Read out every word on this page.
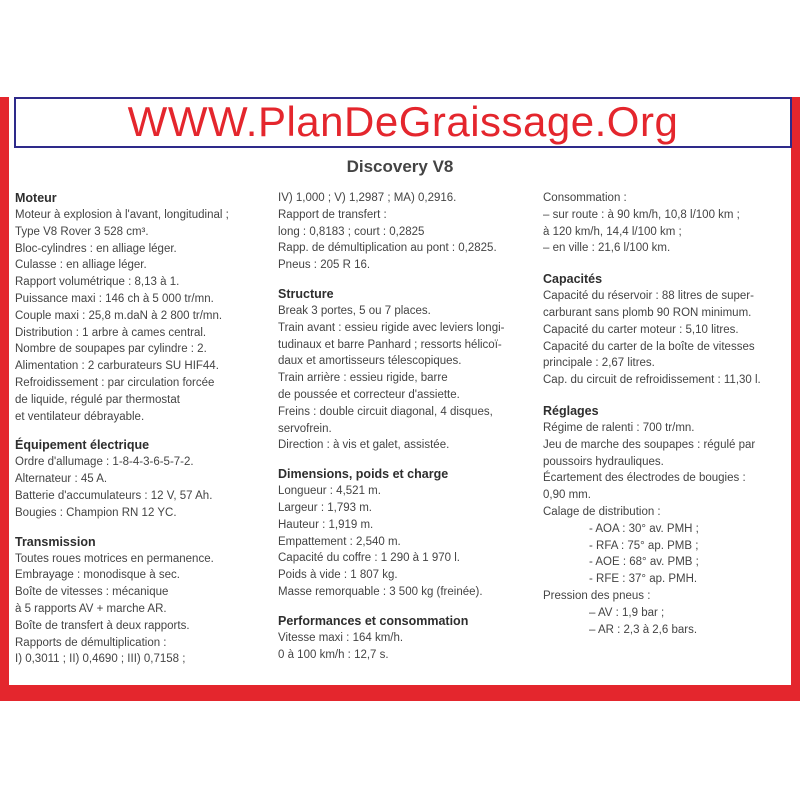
WWW.PlanDeGraissage.Org
Discovery V8
Moteur
Moteur à explosion à l'avant, longitudinal ;
Type V8 Rover 3 528 cm³.
Bloc-cylindres : en alliage léger.
Culasse : en alliage léger.
Rapport volumétrique : 8,13 à 1.
Puissance maxi : 146 ch à 5 000 tr/mn.
Couple maxi : 25,8 m.daN à 2 800 tr/mn.
Distribution : 1 arbre à cames central.
Nombre de soupapes par cylindre : 2.
Alimentation : 2 carburateurs SU HIF44.
Refroidissement : par circulation forcée
de liquide, régulé par thermostat
et ventilateur débrayable.
Équipement électrique
Ordre d'allumage : 1-8-4-3-6-5-7-2.
Alternateur : 45 A.
Batterie d'accumulateurs : 12 V, 57 Ah.
Bougies : Champion RN 12 YC.
Transmission
Toutes roues motrices en permanence.
Embrayage : monodisque à sec.
Boîte de vitesses : mécanique
à 5 rapports AV + marche AR.
Boîte de transfert à deux rapports.
Rapports de démultiplication :
I) 0,3011 ; II) 0,4690 ; III) 0,7158 ;
IV) 1,000 ; V) 1,2987 ; MA) 0,2916.
Rapport de transfert :
long : 0,8183 ; court : 0,2825
Rapp. de démultiplication au pont : 0,2825.
Pneus : 205 R 16.
Structure
Break 3 portes, 5 ou 7 places.
Train avant : essieu rigide avec leviers longi-
tudinaux et barre Panhard ; ressorts hélicoï-
daux et amortisseurs télescopiques.
Train arrière : essieu rigide, barre
de poussée et correcteur d'assiette.
Freins : double circuit diagonal, 4 disques,
servofrein.
Direction : à vis et galet, assistée.
Dimensions, poids et charge
Longueur : 4,521 m.
Largeur : 1,793 m.
Hauteur : 1,919 m.
Empattement : 2,540 m.
Capacité du coffre : 1 290 à 1 970 l.
Poids à vide : 1 807 kg.
Masse remorquable : 3 500 kg (freinée).
Performances et consommation
Vitesse maxi : 164 km/h.
0 à 100 km/h : 12,7 s.
Consommation :
– sur route : à 90 km/h, 10,8 l/100 km ;
à 120 km/h, 14,4 l/100 km ;
– en ville : 21,6 l/100 km.
Capacités
Capacité du réservoir : 88 litres de super-
carburant sans plomb 90 RON minimum.
Capacité du carter moteur : 5,10 litres.
Capacité du carter de la boîte de vitesses
principale : 2,67 litres.
Cap. du circuit de refroidissement : 11,30 l.
Réglages
Régime de ralenti : 700 tr/mn.
Jeu de marche des soupapes : régulé par
poussoirs hydrauliques.
Écartement des électrodes de bougies :
0,90 mm.
Calage de distribution :
- AOA : 30° av. PMH ;
- RFA : 75° ap. PMB ;
- AOE : 68° av. PMB ;
- RFE : 37° ap. PMH.
Pression des pneus :
– AV : 1,9 bar ;
– AR : 2,3 à 2,6 bars.
